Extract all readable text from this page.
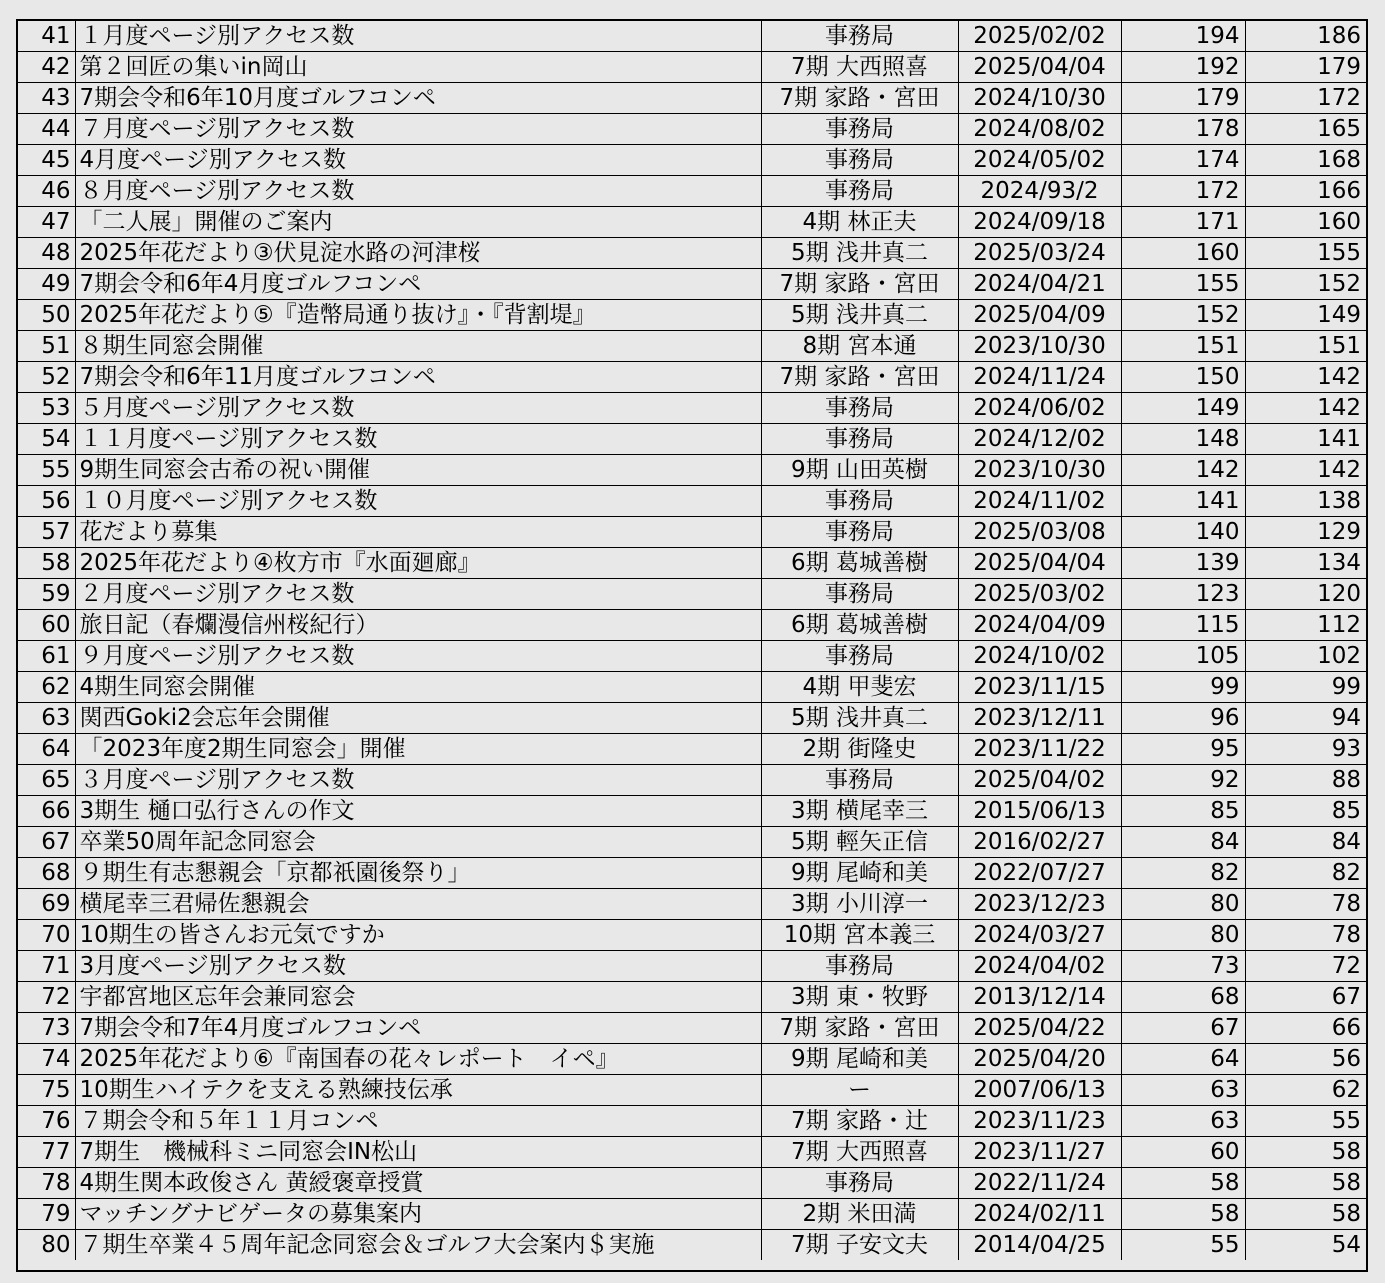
41	１月度ページ別アクセス数	事務局	2025/02/02	194	186
42	第２回匠の集いin岡山	7期 大西照喜	2025/04/04	192	179
43	7期会令和6年10月度ゴルフコンペ	7期 家路・宮田	2024/10/30	179	172
44	７月度ページ別アクセス数	事務局	2024/08/02	178	165
45	4月度ページ別アクセス数	事務局	2024/05/02	174	168
46	８月度ページ別アクセス数	事務局	2024/93/2	172	166
47	「二人展」開催のご案内	4期 林正夫	2024/09/18	171	160
48	2025年花だより③伏見淀水路の河津桜	5期 浅井真二	2025/03/24	160	155
49	7期会令和6年4月度ゴルフコンペ	7期 家路・宮田	2024/04/21	155	152
50	2025年花だより⑤『造幣局通り抜け』・『背割堤』	5期 浅井真二	2025/04/09	152	149
51	８期生同窓会開催	8期 宮本通	2023/10/30	151	151
52	7期会令和6年11月度ゴルフコンペ	7期 家路・宮田	2024/11/24	150	142
53	５月度ページ別アクセス数	事務局	2024/06/02	149	142
54	１１月度ページ別アクセス数	事務局	2024/12/02	148	141
55	9期生同窓会古希の祝い開催	9期 山田英樹	2023/10/30	142	142
56	１０月度ページ別アクセス数	事務局	2024/11/02	141	138
57	花だより募集	事務局	2025/03/08	140	129
58	2025年花だより④枚方市『水面廻廊』	6期 葛城善樹	2025/04/04	139	134
59	２月度ページ別アクセス数	事務局	2025/03/02	123	120
60	旅日記（春爛漫信州桜紀行）	6期 葛城善樹	2024/04/09	115	112
61	９月度ページ別アクセス数	事務局	2024/10/02	105	102
62	4期生同窓会開催	4期 甲斐宏	2023/11/15	99	99
63	関西Goki2会忘年会開催	5期 浅井真二	2023/12/11	96	94
64	「2023年度2期生同窓会」開催	2期 街隆史	2023/11/22	95	93
65	３月度ページ別アクセス数	事務局	2025/04/02	92	88
66	3期生 樋口弘行さんの作文	3期 横尾幸三	2015/06/13	85	85
67	卒業50周年記念同窓会	5期 輕矢正信	2016/02/27	84	84
68	９期生有志懇親会「京都祇園後祭り」	9期 尾崎和美	2022/07/27	82	82
69	横尾幸三君帰佐懇親会	3期 小川淳一	2023/12/23	80	78
70	10期生の皆さんお元気ですか	10期 宮本義三	2024/03/27	80	78
71	3月度ページ別アクセス数	事務局	2024/04/02	73	72
72	宇都宮地区忘年会兼同窓会	3期 東・牧野	2013/12/14	68	67
73	7期会令和7年4月度ゴルフコンペ	7期 家路・宮田	2025/04/22	67	66
74	2025年花だより⑥『南国春の花々レポート　イペ』	9期 尾崎和美	2025/04/20	64	56
75	10期生ハイテクを支える熟練技伝承	ー	2007/06/13	63	62
76	７期会令和５年１１月コンペ	7期 家路・辻	2023/11/23	63	55
77	7期生　機械科ミニ同窓会IN松山	7期 大西照喜	2023/11/27	60	58
78	4期生関本政俊さん 黄綬褒章授賞	事務局	2022/11/24	58	58
79	マッチングナビゲータの募集案内	2期 米田満	2024/02/11	58	58
80	７期生卒業４５周年記念同窓会＆ゴルフ大会案内＄実施	7期 子安文夫	2014/04/25	55	54
